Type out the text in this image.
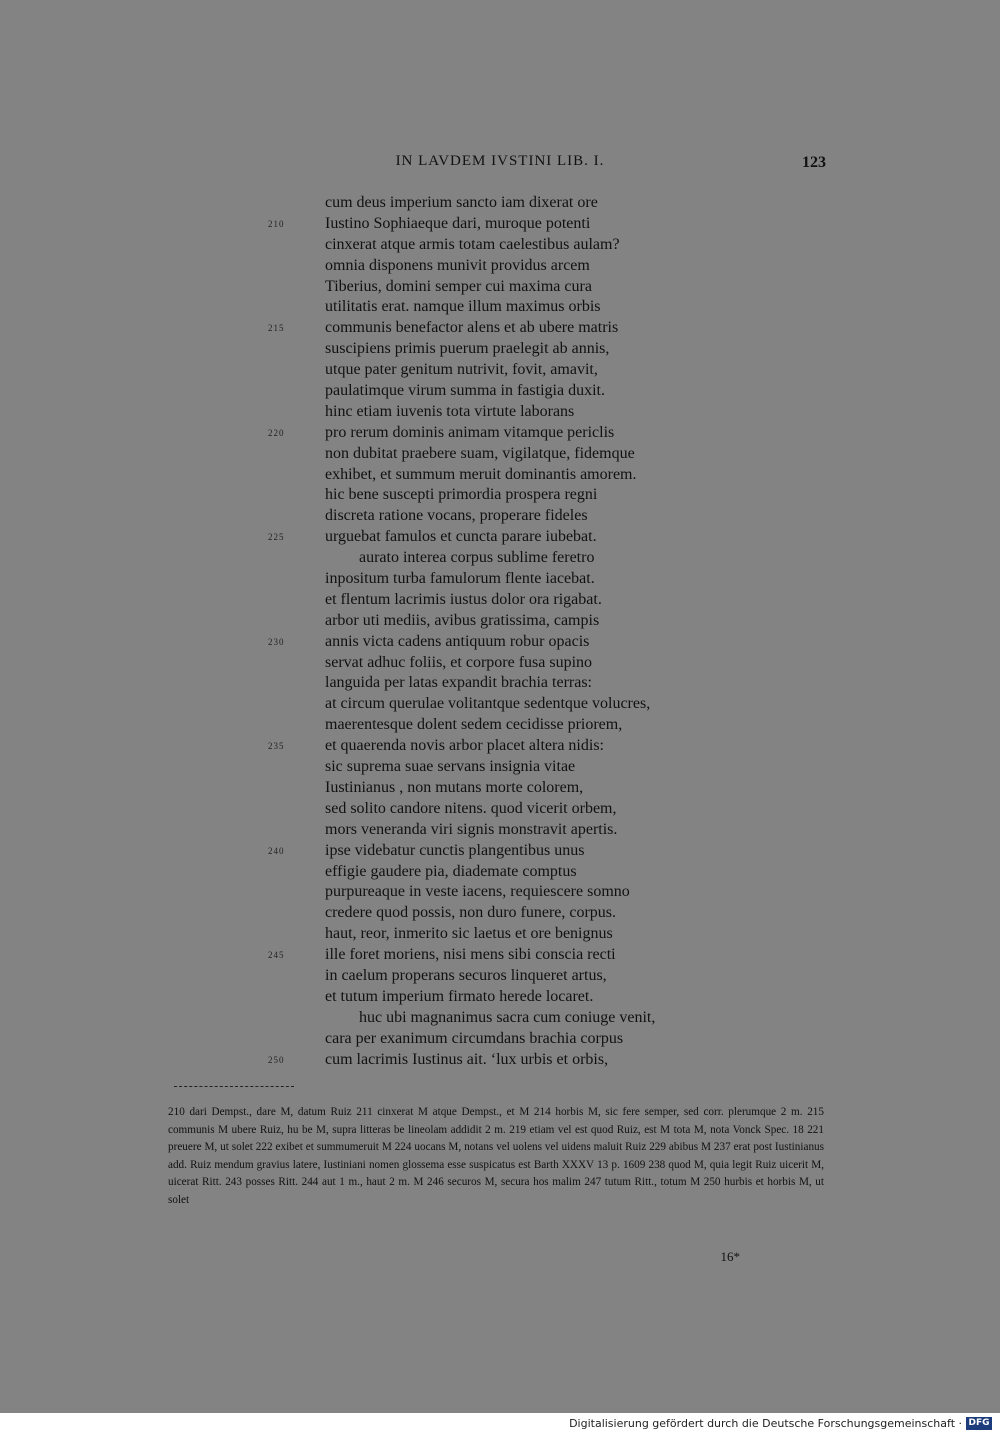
IN LAVDEM IVSTINI LIB. I.	123
cum deus imperium sancto iam dixerat ore
210	Iustino Sophiaeque dari, muroque potenti
cinxerat atque armis totam caelestibus aulam?
omnia disponens munivit providus arcem
Tiberius, domini semper cui maxima cura
utilitatis erat. namque illum maximus orbis
215	communis benefactor alens et ab ubere matris
suscipiens primis puerum praelegit ab annis,
utque pater genitum nutrivit, fovit, amavit,
paulatimque virum summa in fastigia duxit.
hinc etiam iuvenis tota virtute laborans
220	pro rerum dominis animam vitamque periclis
non dubitat praebere suam, vigilatque, fidemque
exhibet, et summum meruit dominantis amorem.
hic bene suscepti primordia prospera regni
discreta ratione vocans, properare fideles
225	urguebat famulos et cuncta parare iubebat.
aurato interea corpus sublime feretro
inpositum turba famulorum flente iacebat.
et flentum lacrimis iustus dolor ora rigabat.
arbor uti mediis, avibus gratissima, campis
230	annis victa cadens antiquum robur opacis
servat adhuc foliis, et corpore fusa supino
languida per latas expandit brachia terras:
at circum querulae volitantque sedentque volucres,
maerentesque dolent sedem cecidisse priorem,
235	et quaerenda novis arbor placet altera nidis:
sic suprema suae servans insignia vitae
Iustinianus , non mutans morte colorem,
sed solito candore nitens. quod vicerit orbem,
mors veneranda viri signis monstravit apertis.
240	ipse videbatur cunctis plangentibus unus
effigie gaudere pia, diademate comptus
purpureaque in veste iacens, requiescere somno
credere quod possis, non duro funere, corpus.
haut, reor, inmerito sic laetus et ore benignus
245	ille foret moriens, nisi mens sibi conscia recti
in caelum properans securos linqueret artus,
et tutum imperium firmato herede locaret.
huc ubi magnanimus sacra cum coniuge venit,
cara per exanimum circumdans brachia corpus
250	cum lacrimis Iustinus ait. ‘lux urbis et orbis,
210 dari Dempst., dare M, datum Ruiz 211 cinxerat M atque Dempst., et M 214 horbis M, sic fere semper, sed corr. plerumque 2 m. 215 communis M ubere Ruiz, hu be M, supra litteras be lineolam addidit 2 m. 219 etiam vel est quod Ruiz, est M tota M, nota Vonck Spec. 18 221 preuere M, ut solet 222 exibet et summumeruit M 224 uocans M, notans vel uolens vel uidens maluit Ruiz 229 abibus M 237 erat post Iustinianus add. Ruiz mendum gravius latere, Iustiniani nomen glossema esse suspicatus est Barth XXXV 13 p. 1609 238 quod M, quia legit Ruiz uicerit M, uicerat Ritt. 243 posses Ritt. 244 aut 1 m., haut 2 m. M 246 securos M, secura hos malim 247 tutum Ritt., totum M 250 hurbis et horbis M, ut solet
16*
Digitalisierung gefördert durch die Deutsche Forschungsgemeinschaft · DFG
